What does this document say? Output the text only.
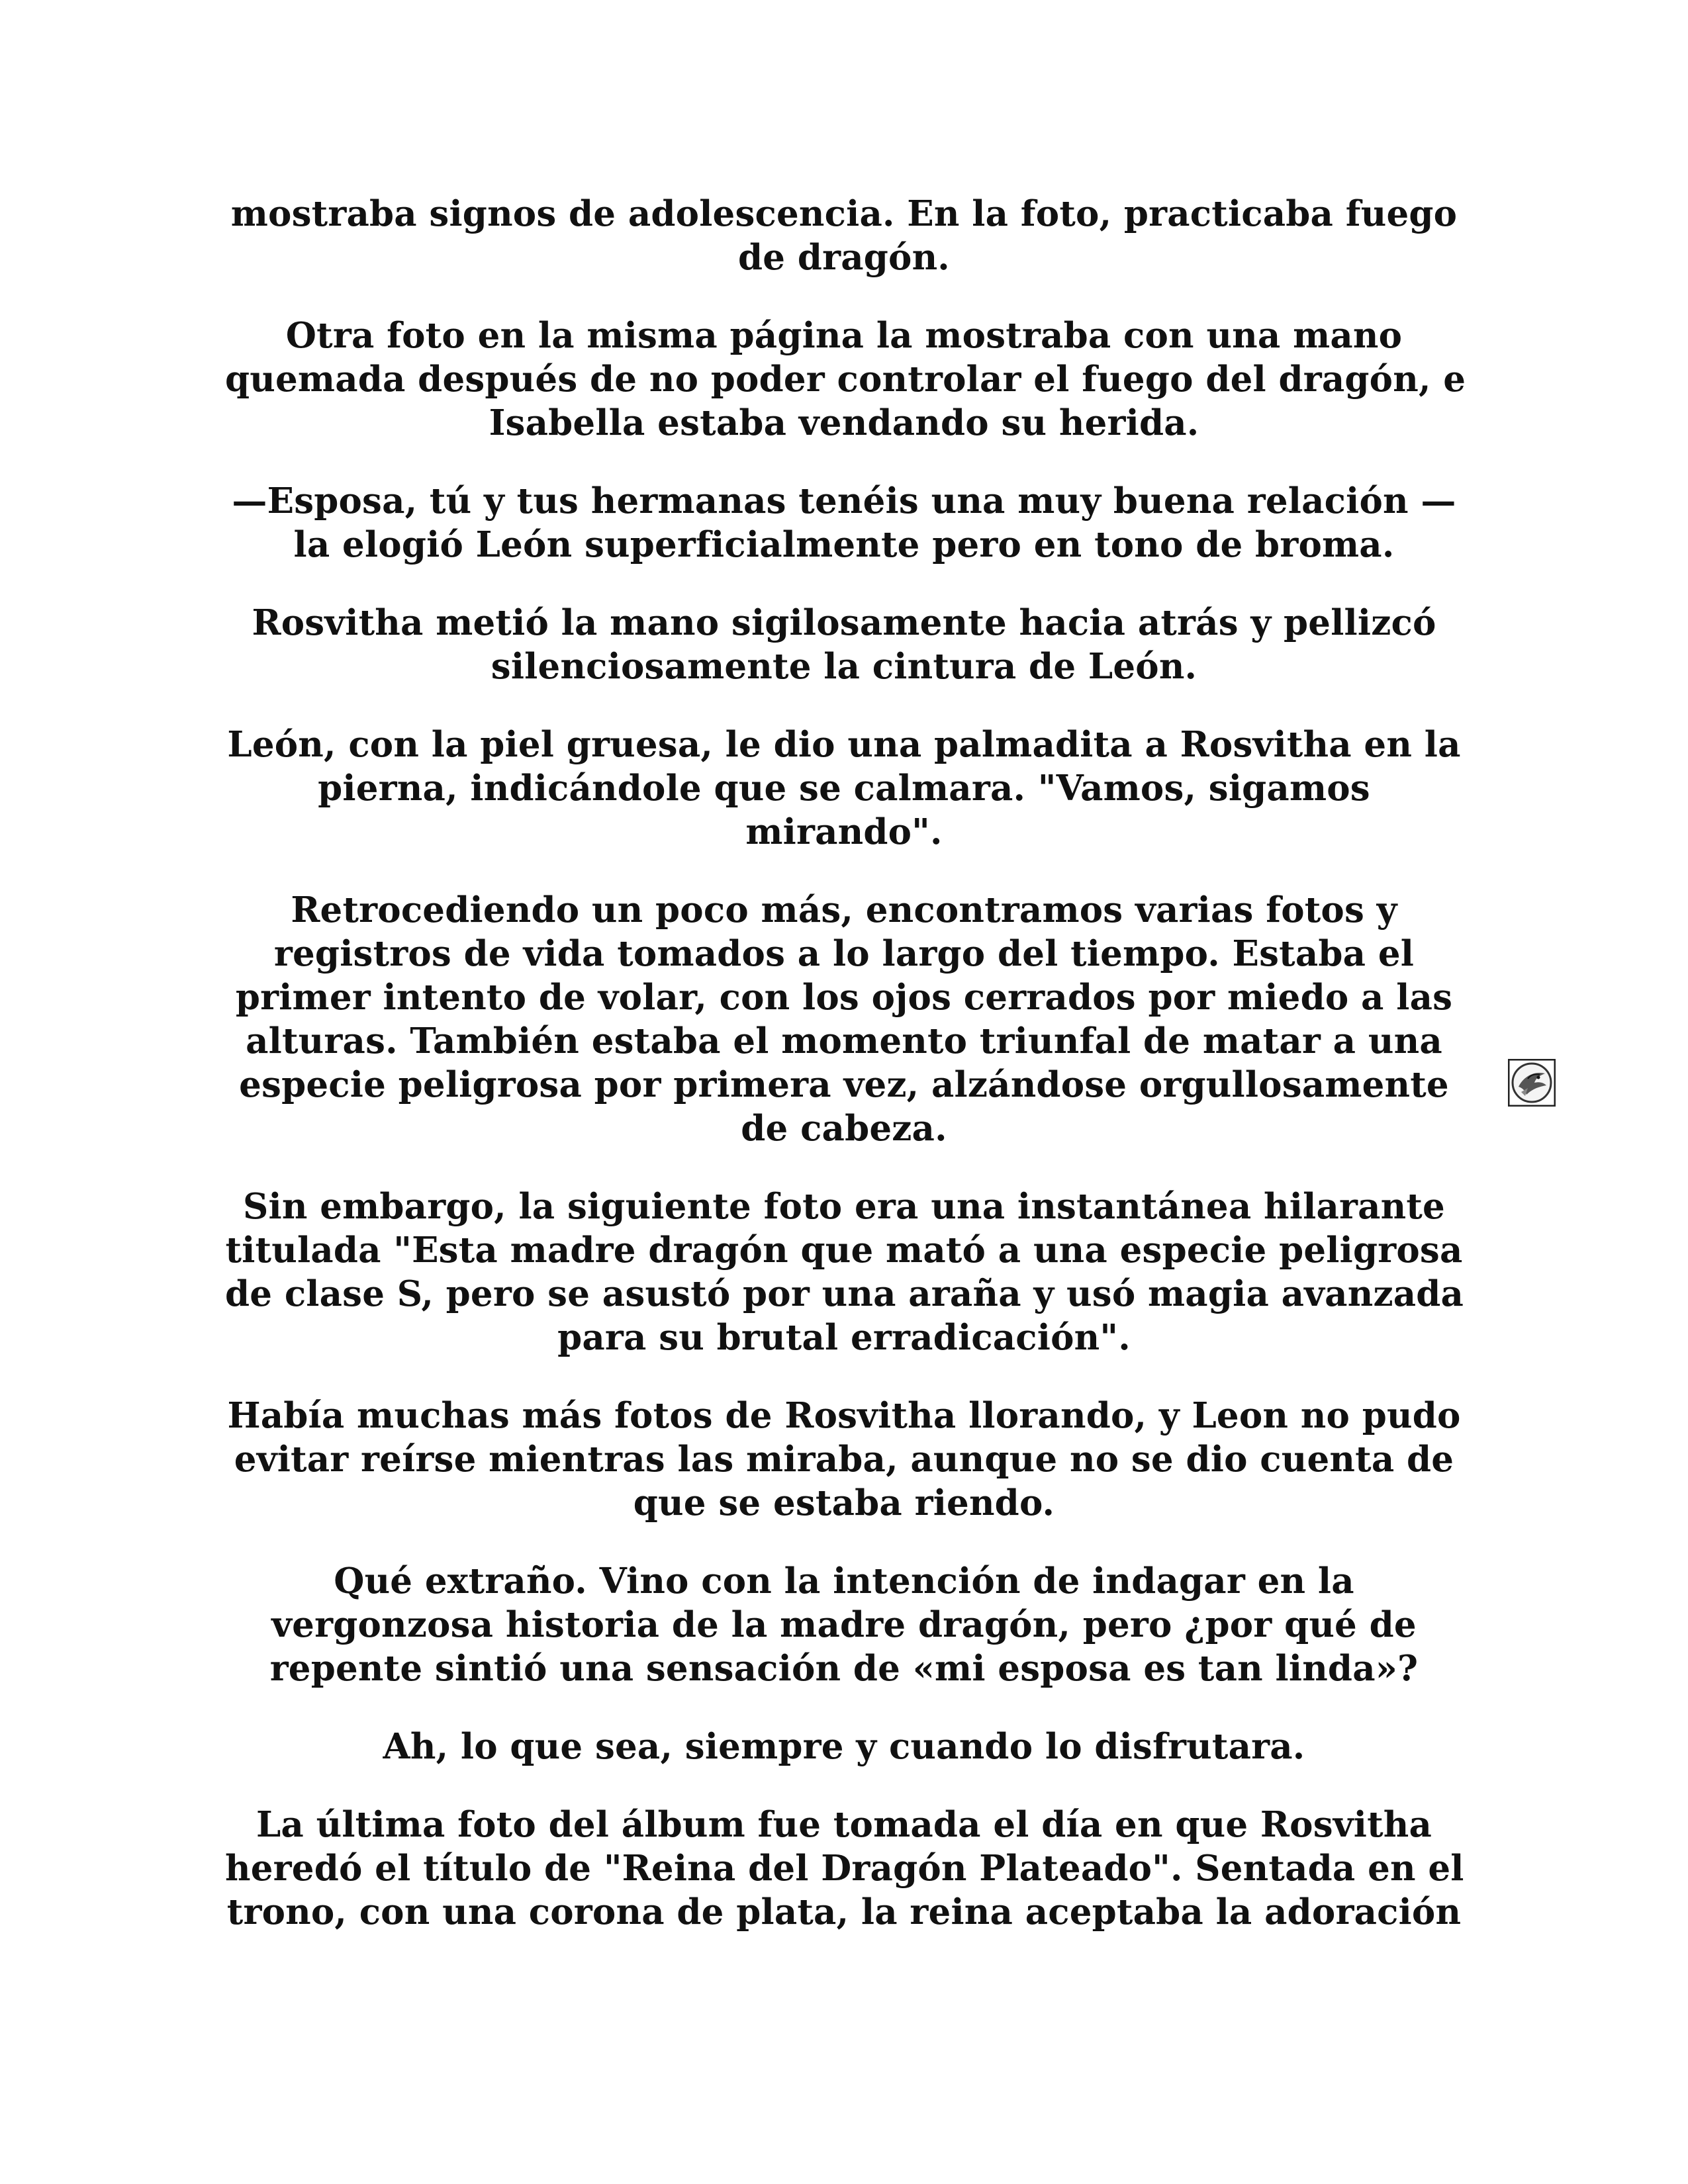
mostraba signos de adolescencia. En la foto, practicaba fuego
de dragón.

Otra foto en la misma página la mostraba con una mano
quemada después de no poder controlar el fuego del dragón, e
Isabella estaba vendando su herida.

—Esposa, tú y tus hermanas tenéis una muy buena relación —
la elogió León superficialmente pero en tono de broma.

Rosvitha metió la mano sigilosamente hacia atrás y pellizcó
silenciosamente la cintura de León.

León, con la piel gruesa, le dio una palmadita a Rosvitha en la
pierna, indicándole que se calmara. "Vamos, sigamos
mirando".

Retrocediendo un poco más, encontramos varias fotos y
registros de vida tomados a lo largo del tiempo. Estaba el
primer intento de volar, con los ojos cerrados por miedo a las
alturas. También estaba el momento triunfal de matar a una
especie peligrosa por primera vez, alzándose orgullosamente
de cabeza.

Sin embargo, la siguiente foto era una instantánea hilarante
titulada "Esta madre dragón que mató a una especie peligrosa
de clase S, pero se asustó por una araña y usó magia avanzada
para su brutal erradicación".

Había muchas más fotos de Rosvitha llorando, y Leon no pudo
evitar reírse mientras las miraba, aunque no se dio cuenta de
que se estaba riendo.

Qué extraño. Vino con la intención de indagar en la
vergonzosa historia de la madre dragón, pero ¿por qué de
repente sintió una sensación de «mi esposa es tan linda»?

Ah, lo que sea, siempre y cuando lo disfrutara.

La última foto del álbum fue tomada el día en que Rosvitha
heredó el título de "Reina del Dragón Plateado". Sentada en el
trono, con una corona de plata, la reina aceptaba la adoración
